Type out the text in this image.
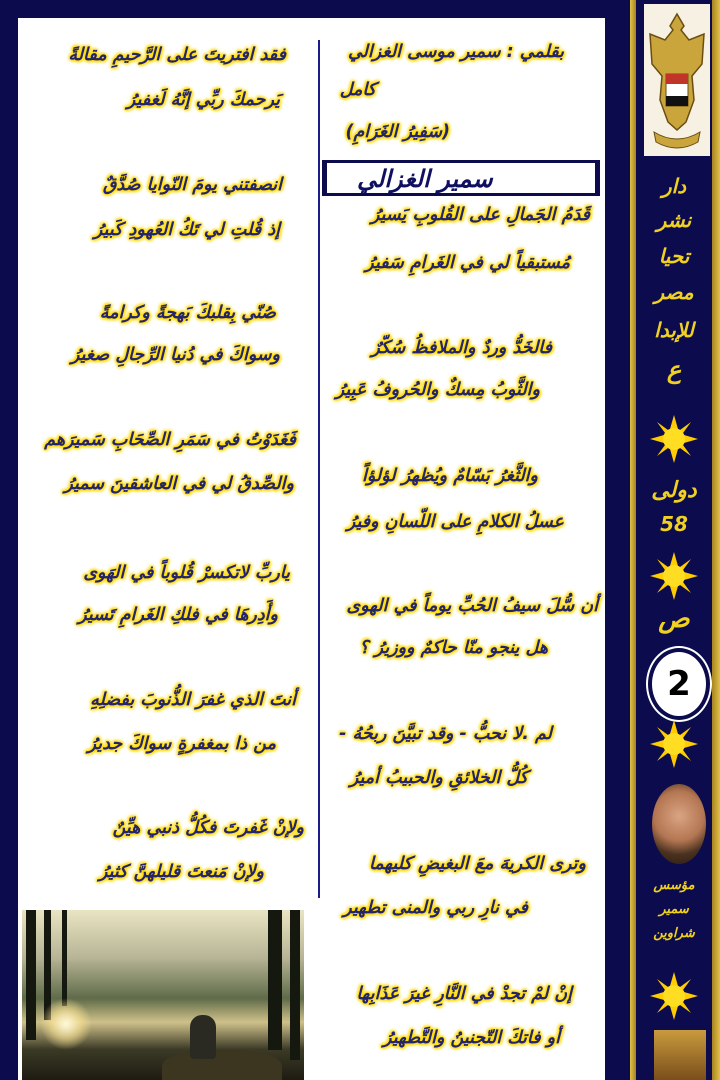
بقلمي : سمير موسى الغزالي
كامل
(سَفِيرُ الغَرَامِ)
سمير الغزالي
قَدَمُ الجَمالِ على القُلوبِ يَسيرُ
مُستبقياً لي في الغَرامِ سَفيرُ
فالخَدُّ وردٌ والملافظُ سُكّرٌ
والثَّوبُ مِسكٌ والحُروفُ عَبِيرُ
والثَّغرُ بَسّامٌ ويُظهرُ لؤلؤاً
عسلُ الكلامِ على اللّسانِ وفيرُ
أن سُّلَ سيفُ الحُبِّ يوماً في الهوى
هل ينجو منّا حاكمٌ ووزيرُ ؟
لم .لا نحبُّ - وقد تبيَّنَ ربحُهُ -
كُلُّ الخلائقِ والحبيبُ أميرُ
وترى الكريهَ معَ البغيضِ كليهما
في نارِ ربي والمنى تطهير
إنْ لمْ تجدْ في النَّارِ غيرَ عَذَابِها
أو فاتكَ التّجنينُ والتَّطهيرُ
فقد افتريتَ على الرَّحيمِ مقالةً
يَرحمكَ ربِّي إنَّهُ لَغفيرُ
انصفتني يومَ النّوايا صُدَّقٌ
إذ قُلتِ لي تَكُ العُهودِ كَبيرُ
صُنّي بِقلبكَ بَهجةً وكرامةً
وسواكَ في دُنيا الرِّجالِ صغيرُ
فَغَدَوْتُ في سَمَرِ الصِّحَابِ سَميرَهم
والصِّدقُ لي في العاشقينَ سميرُ
ياربِّ لاتكسرْ قُلوباً في الهَوى
وأَدِرهَا في فلكِ الغَرامِ تَسيرُ
أنتَ الذي غفرَ الذُّنوبَ بفضلِهِ
من ذا بمغفرةٍ سواكَ جديرُ
ولإنْ غَفرتَ فكُلُّ ذنبي هيِّنٌ
ولإنْ مَنعتَ قليلهنَّ كثيرُ
دار
نشر
تحيا
مصر
للإبدا
ع
دولى
58
ص
2
مؤسس
سمير
شراوين
